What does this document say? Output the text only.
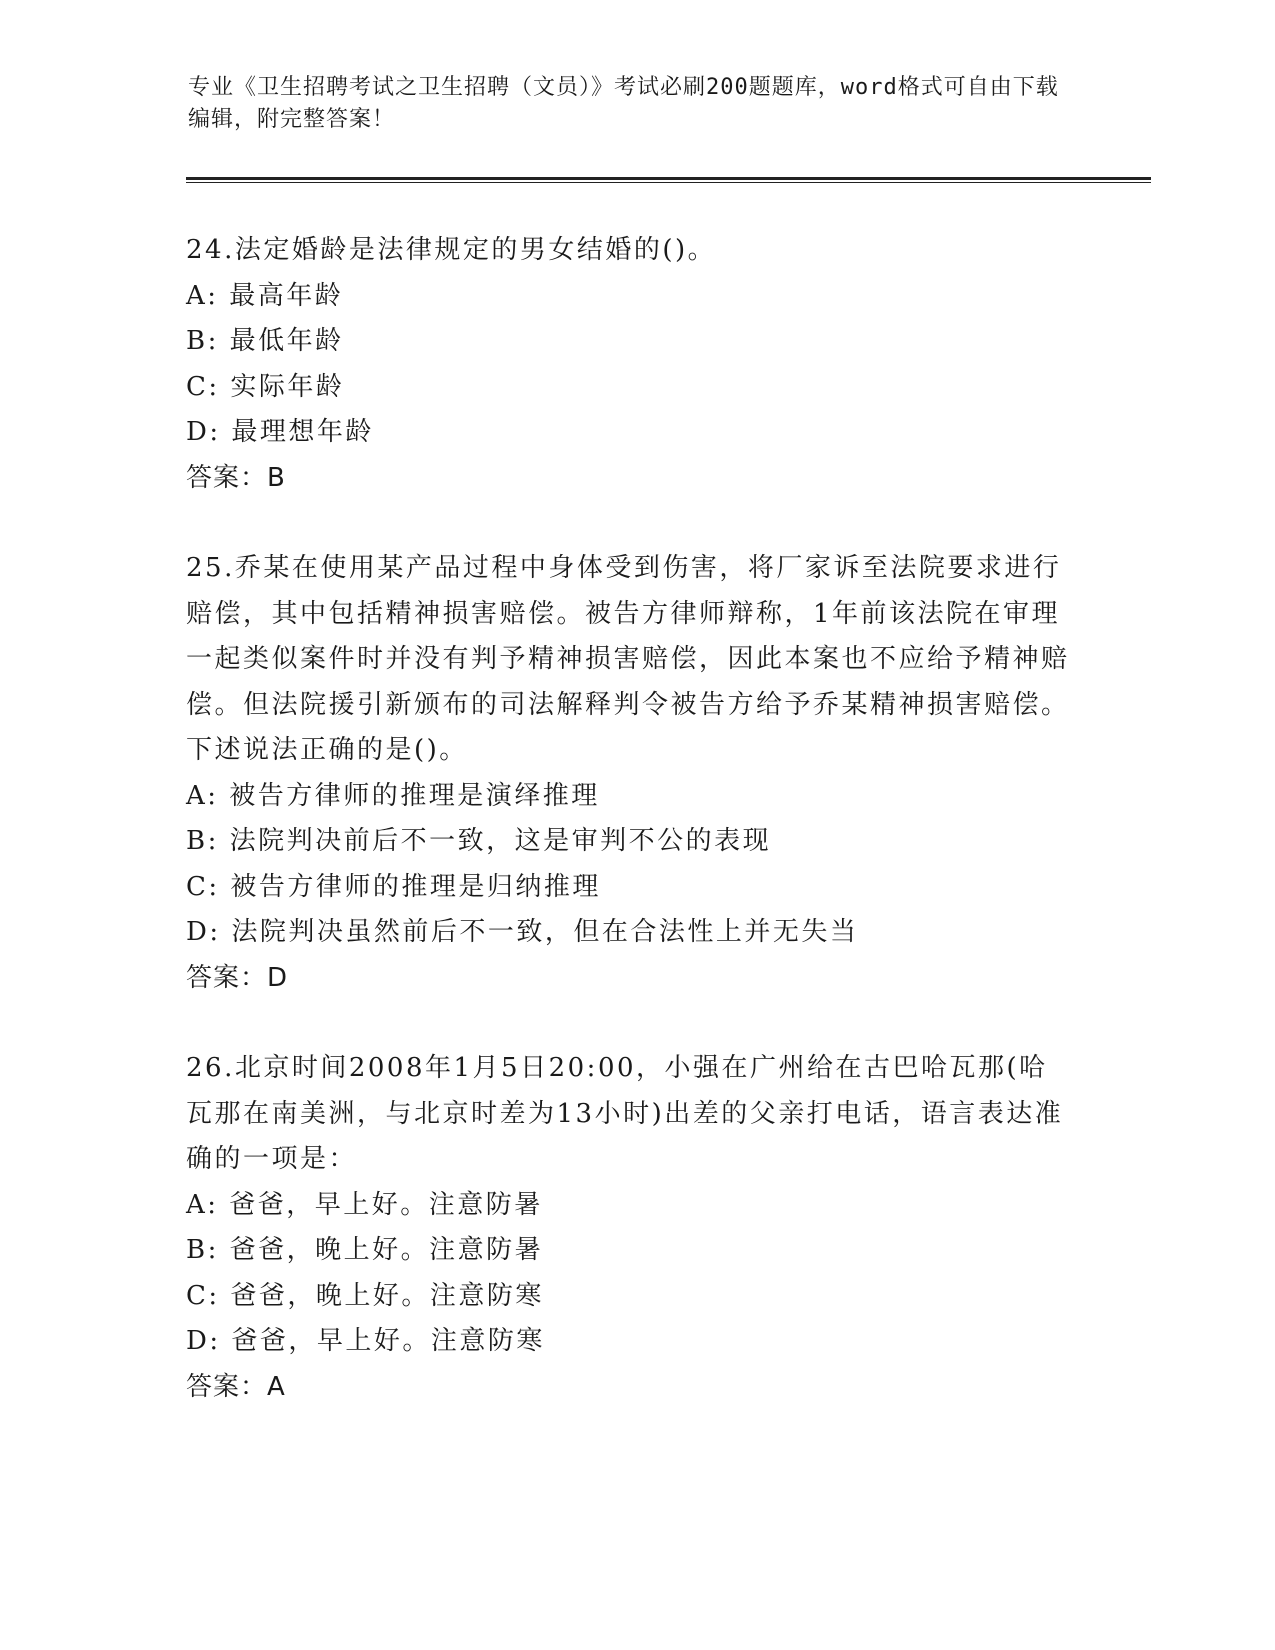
专业《卫生招聘考试之卫生招聘（文员）》考试必刷200题题库，word格式可自由下载编辑，附完整答案！
24.法定婚龄是法律规定的男女结婚的()。
A: 最高年龄
B: 最低年龄
C: 实际年龄
D: 最理想年龄
答案：B
25.乔某在使用某产品过程中身体受到伤害，将厂家诉至法院要求进行赔偿，其中包括精神损害赔偿。被告方律师辩称，1年前该法院在审理一起类似案件时并没有判予精神损害赔偿，因此本案也不应给予精神赔偿。但法院援引新颁布的司法解释判令被告方给予乔某精神损害赔偿。下述说法正确的是()。
A: 被告方律师的推理是演绎推理
B: 法院判决前后不一致，这是审判不公的表现
C: 被告方律师的推理是归纳推理
D: 法院判决虽然前后不一致，但在合法性上并无失当
答案：D
26.北京时间2008年1月5日20:00，小强在广州给在古巴哈瓦那(哈瓦那在南美洲，与北京时差为13小时)出差的父亲打电话，语言表达准确的一项是：
A: 爸爸，早上好。注意防暑
B: 爸爸，晚上好。注意防暑
C: 爸爸，晚上好。注意防寒
D: 爸爸，早上好。注意防寒
答案：A
